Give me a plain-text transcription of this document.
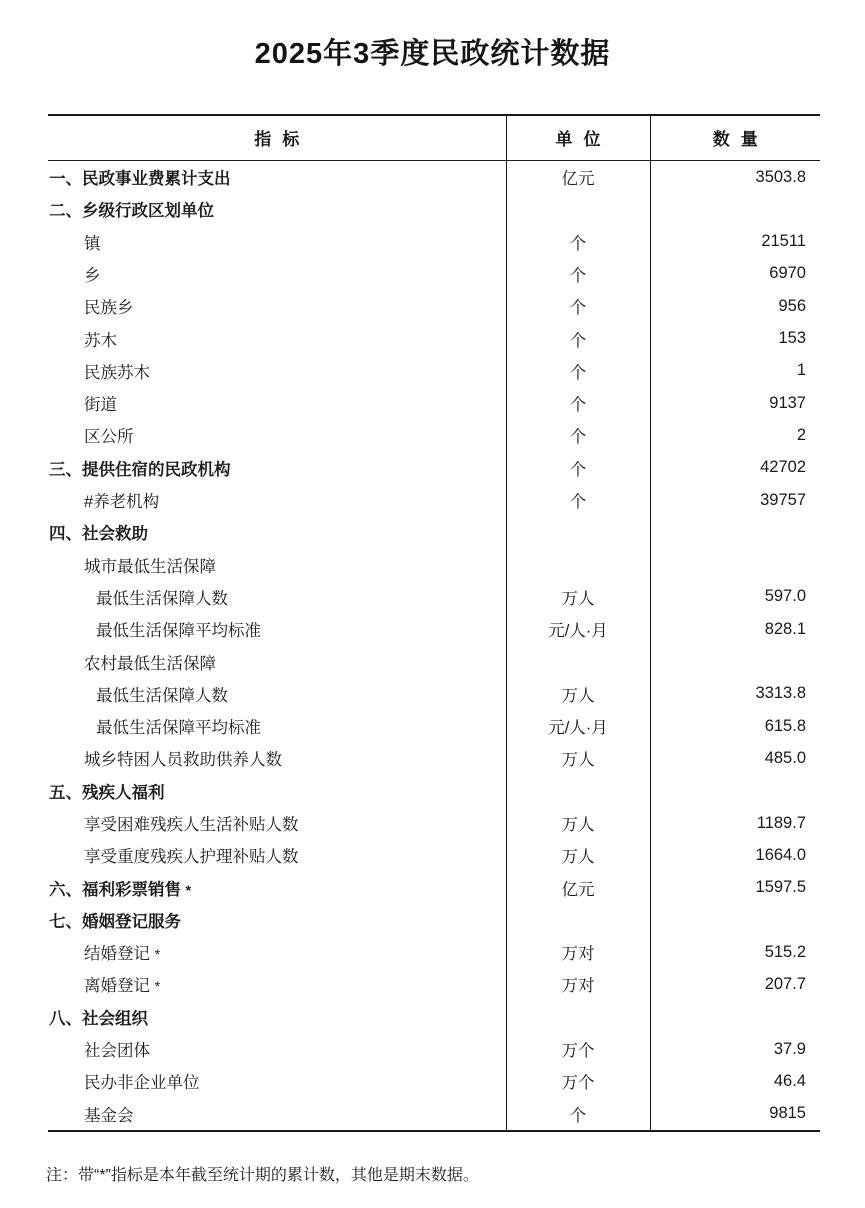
2025年3季度民政统计数据
指 标	单 位	数 量
一、民政事业费累计支出	亿元	3503.8
二、乡级行政区划单位		
镇	个	21511
乡	个	6970
民族乡	个	956
苏木	个	153
民族苏木	个	1
街道	个	9137
区公所	个	2
三、提供住宿的民政机构	个	42702
#养老机构	个	39757
四、社会救助		
城市最低生活保障		
最低生活保障人数	万人	597.0
最低生活保障平均标准	元/人·月	828.1
农村最低生活保障		
最低生活保障人数	万人	3313.8
最低生活保障平均标准	元/人·月	615.8
城乡特困人员救助供养人数	万人	485.0
五、残疾人福利		
享受困难残疾人生活补贴人数	万人	1189.7
享受重度残疾人护理补贴人数	万人	1664.0
六、福利彩票销售 *	亿元	1597.5
七、婚姻登记服务		
结婚登记 *	万对	515.2
离婚登记 *	万对	207.7
八、社会组织		
社会团体	万个	37.9
民办非企业单位	万个	46.4
基金会	个	9815
注：带“*”指标是本年截至统计期的累计数，其他是期末数据。
